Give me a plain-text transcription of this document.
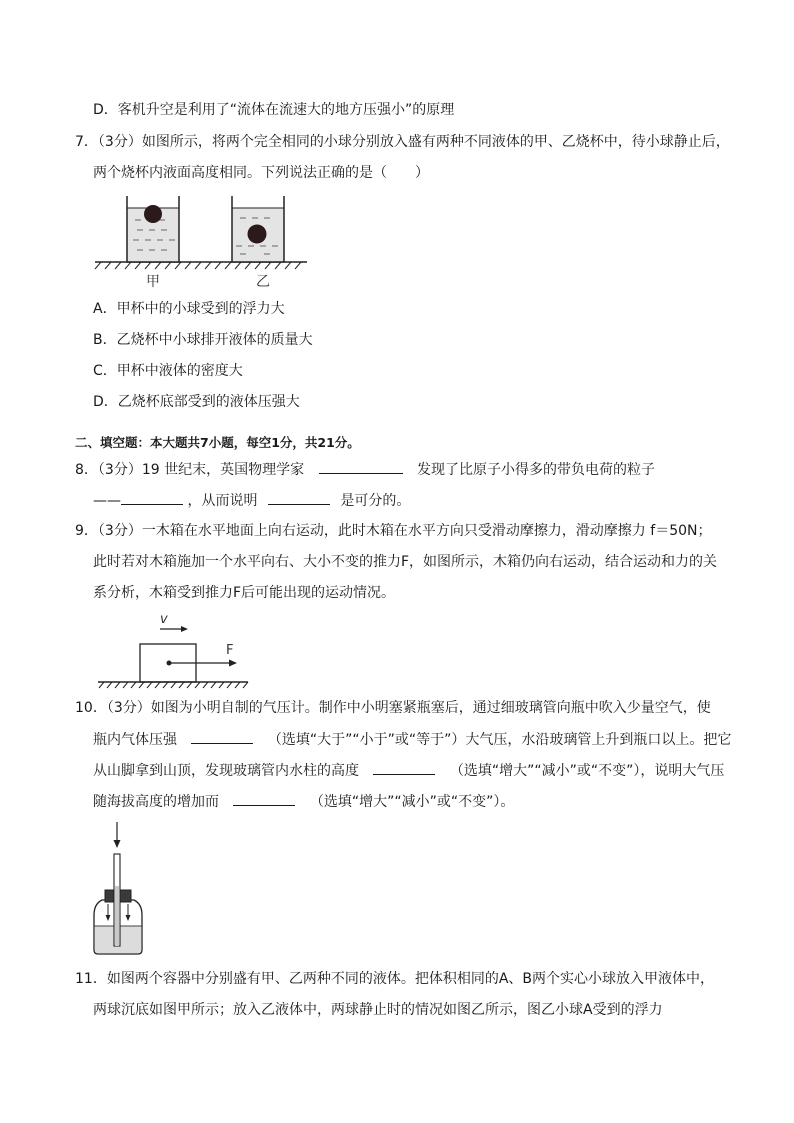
D．客机升空是利用了“流体在流速大的地方压强小”的原理
7．（3分）如图所示，将两个完全相同的小球分别放入盛有两种不同液体的甲、乙烧杯中，待小球静止后，
两个烧杯内液面高度相同。下列说法正确的是（　　）
甲	乙
A．甲杯中的小球受到的浮力大
B．乙烧杯中小球排开液体的质量大
C．甲杯中液体的密度大
D．乙烧杯底部受到的液体压强大
二、填空题：本大题共7小题，每空1分，共21分。
8．（3分）19 世纪末，英国物理学家	发现了比原子小得多的带负电荷的粒子
——	，从而说明	是可分的。
9．（3分）一木箱在水平地面上向右运动，此时木箱在水平方向只受滑动摩擦力，滑动摩擦力 f＝50N；
此时若对木箱施加一个水平向右、大小不变的推力F，如图所示，木箱仍向右运动，结合运动和力的关
系分析，木箱受到推力F后可能出现的运动情况。
v
F
10．（3分）如图为小明自制的气压计。制作中小明塞紧瓶塞后，通过细玻璃管向瓶中吹入少量空气，使
瓶内气体压强	（选填“大于”“小于”或“等于”）大气压，水沿玻璃管上升到瓶口以上。把它
从山脚拿到山顶，发现玻璃管内水柱的高度	（选填“增大”“减小”或“不变”），说明大气压
随海拔高度的增加而	（选填“增大”“减小”或“不变”）。
11．如图两个容器中分别盛有甲、乙两种不同的液体。把体积相同的A、B两个实心小球放入甲液体中，
两球沉底如图甲所示；放入乙液体中，两球静止时的情况如图乙所示，图乙小球A受到的浮力
